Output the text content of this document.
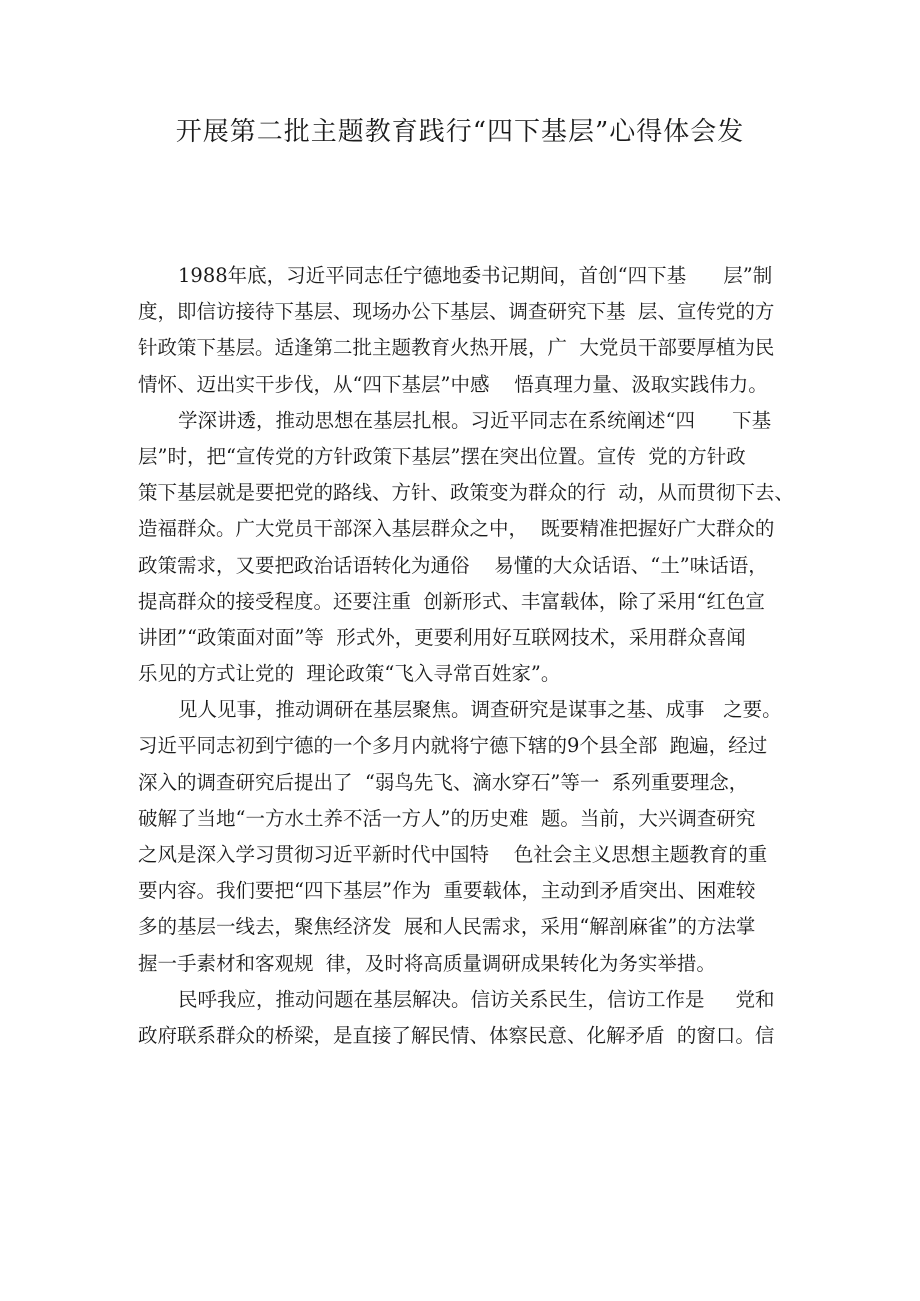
开展第二批主题教育践行“四下基层”心得体会发
1988年底，习近平同志任宁德地委书记期间，首创“四下基      层”制
度，即信访接待下基层、现场办公下基层、调查研究下基  层、宣传党的方
针政策下基层。适逢第二批主题教育火热开展，广  大党员干部要厚植为民
情怀、迈出实干步伐，从“四下基层”中感    悟真理力量、汲取实践伟力。
学深讲透，推动思想在基层扎根。习近平同志在系统阐述“四      下基
层”时，把“宣传党的方针政策下基层”摆在突出位置。宣传  党的方针政
策下基层就是要把党的路线、方针、政策变为群众的行  动，从而贯彻下去、
造福群众。广大党员干部深入基层群众之中，  既要精准把握好广大群众的
政策需求，又要把政治话语转化为通俗    易懂的大众话语、“土”味话语，
提高群众的接受程度。还要注重  创新形式、丰富载体，除了采用“红色宣
讲团”“政策面对面”等  形式外，更要利用好互联网技术，采用群众喜闻
乐见的方式让党的  理论政策“飞入寻常百姓家”。
见人见事，推动调研在基层聚焦。调查研究是谋事之基、成事   之要。
习近平同志初到宁德的一个多月内就将宁德下辖的9个县全部  跑遍，经过
深入的调查研究后提出了  “弱鸟先飞、滴水穿石”等一  系列重要理念，
破解了当地“一方水土养不活一方人”的历史难  题。当前，大兴调查研究
之风是深入学习贯彻习近平新时代中国特    色社会主义思想主题教育的重
要内容。我们要把“四下基层”作为  重要载体，主动到矛盾突出、困难较
多的基层一线去，聚焦经济发  展和人民需求，采用“解剖麻雀”的方法掌
握一手素材和客观规  律，及时将高质量调研成果转化为务实举措。
民呼我应，推动问题在基层解决。信访关系民生，信访工作是     党和
政府联系群众的桥梁，是直接了解民情、体察民意、化解矛盾  的窗口。信
